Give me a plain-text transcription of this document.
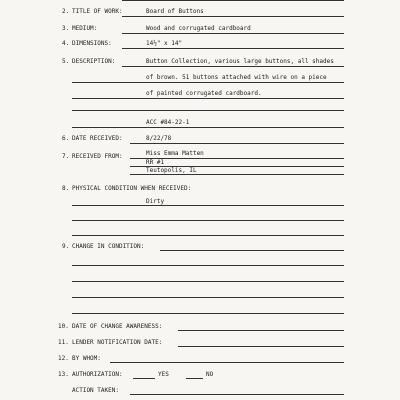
2. TITLE OF WORK:	Board of Buttons
3. MEDIUM:	Wood and corrugated cardboard
4. DIMENSIONS:	14½" x 14"
5. DESCRIPTION:	Button Collection, various large buttons, all shades
of brown. 51 buttons attached with wire on a piece
of painted corrugated cardboard.
ACC #84-22-1
6. DATE RECEIVED:	8/22/78
7. RECEIVED FROM:	Miss Emma Matten
RR #1
Teutopolis, IL
8. PHYSICAL CONDITION WHEN RECEIVED:
Dirty
9. CHANGE IN CONDITION:
10. DATE OF CHANGE AWARENESS:
11. LENDER NOTIFICATION DATE:
12. BY WHOM:
13. AUTHORIZATION:	YES	NO
ACTION TAKEN:
